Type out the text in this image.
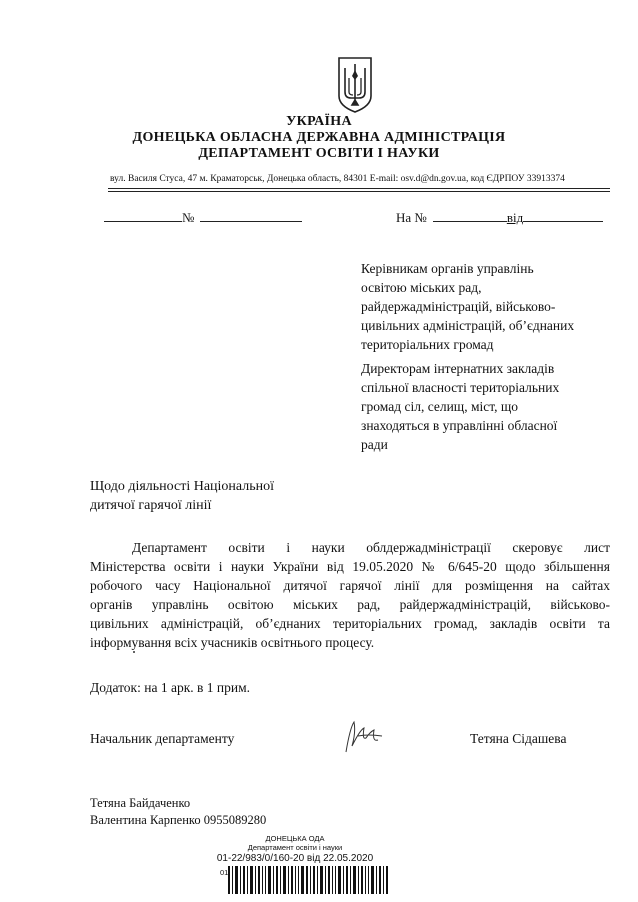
УКРАЇНА
ДОНЕЦЬКА ОБЛАСНА ДЕРЖАВНА АДМІНІСТРАЦІЯ
ДЕПАРТАМЕНТ ОСВІТИ І НАУКИ
вул. Василя Стуса, 47 м. Краматорськ, Донецька область, 84301 E-mail: osv.d@dn.gov.ua, код ЄДРПОУ 33913374
№	На №	від
Керівникам органів управлінь
освітою міських рад,
райдержадміністрацій, військово-
цивільних адміністрацій, об’єднаних
територіальних громад
Директорам інтернатних закладів
спільної власності територіальних
громад сіл, селищ, міст, що
знаходяться в управлінні обласної
ради
Щодо діяльності Національної
дитячої гарячої лінії
Департамент освіти і науки облдержадміністрації скеровує лист
Міністерства освіти і науки України від 19.05.2020 № 6/645-20 щодо збільшення
робочого часу Національної дитячої гарячої лінії для розміщення на сайтах
органів управлінь освітою міських рад, райдержадміністрацій, військово-
цивільних адміністрацій, об’єднаних територіальних громад, закладів освіти та
інформування всіх учасників освітнього процесу.
Додаток: на 1 арк. в 1 прим.
Начальник департаменту	Тетяна Сідашева
Тетяна Байдаченко
Валентина Карпенко 0955089280
ДОНЕЦЬКА ОДА
Департамент освіти і науки
01-22/983/0/160-20 від 22.05.2020
01
